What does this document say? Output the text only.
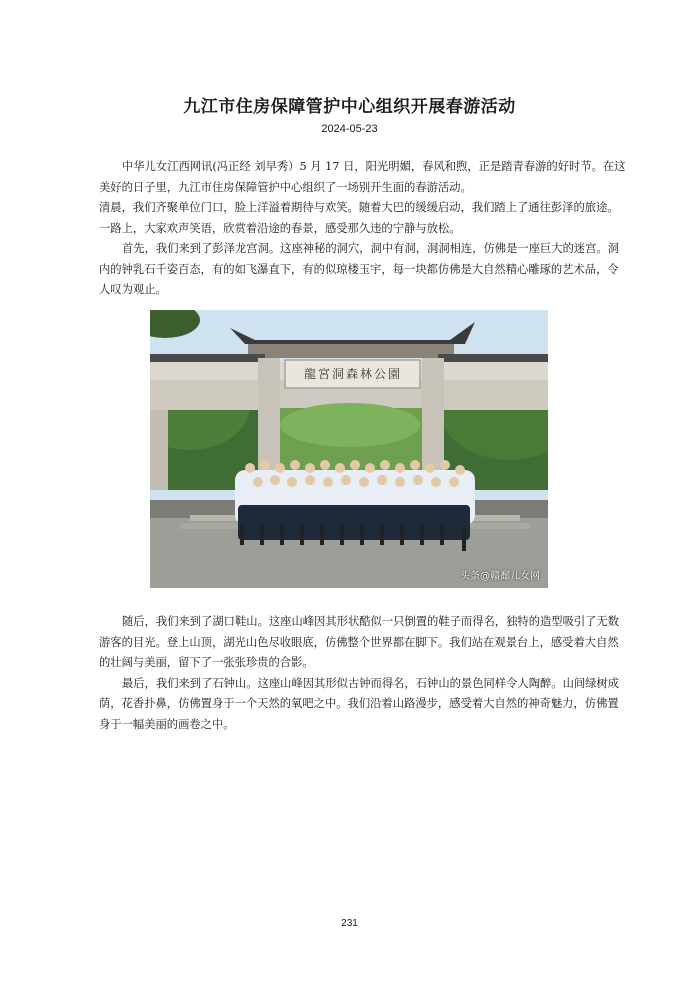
九江市住房保障管护中心组织开展春游活动
2024-05-23

中华儿女江西网讯(冯正经 刘早秀）5 月 17 日，阳光明媚，春风和煦，正是踏青春游的好时节。在这美好的日子里，九江市住房保障管护中心组织了一场别开生面的春游活动。

清晨，我们齐聚单位门口，脸上洋溢着期待与欢笑。随着大巴的缓缓启动，我们踏上了通往彭泽的旅途。一路上，大家欢声笑语，欣赏着沿途的春景，感受那久违的宁静与放松。

首先，我们来到了彭泽龙宫洞。这座神秘的洞穴，洞中有洞，洞洞相连，仿佛是一座巨大的迷宫。洞内的钟乳石千姿百态，有的如飞瀑直下，有的似琼楼玉宇，每一块都仿佛是大自然精心雕琢的艺术品，令人叹为观止。

龍宮洞森林公園
头条@赣鄱儿女网

随后，我们来到了湖口鞋山。这座山峰因其形状酷似一只倒置的鞋子而得名，独特的造型吸引了无数游客的目光。登上山顶，湖光山色尽收眼底，仿佛整个世界都在脚下。我们站在观景台上，感受着大自然的壮阔与美丽，留下了一张张珍贵的合影。

最后，我们来到了石钟山。这座山峰因其形似古钟而得名，石钟山的景色同样令人陶醉。山间绿树成荫，花香扑鼻，仿佛置身于一个天然的氧吧之中。我们沿着山路漫步，感受着大自然的神奇魅力，仿佛置身于一幅美丽的画卷之中。

231
